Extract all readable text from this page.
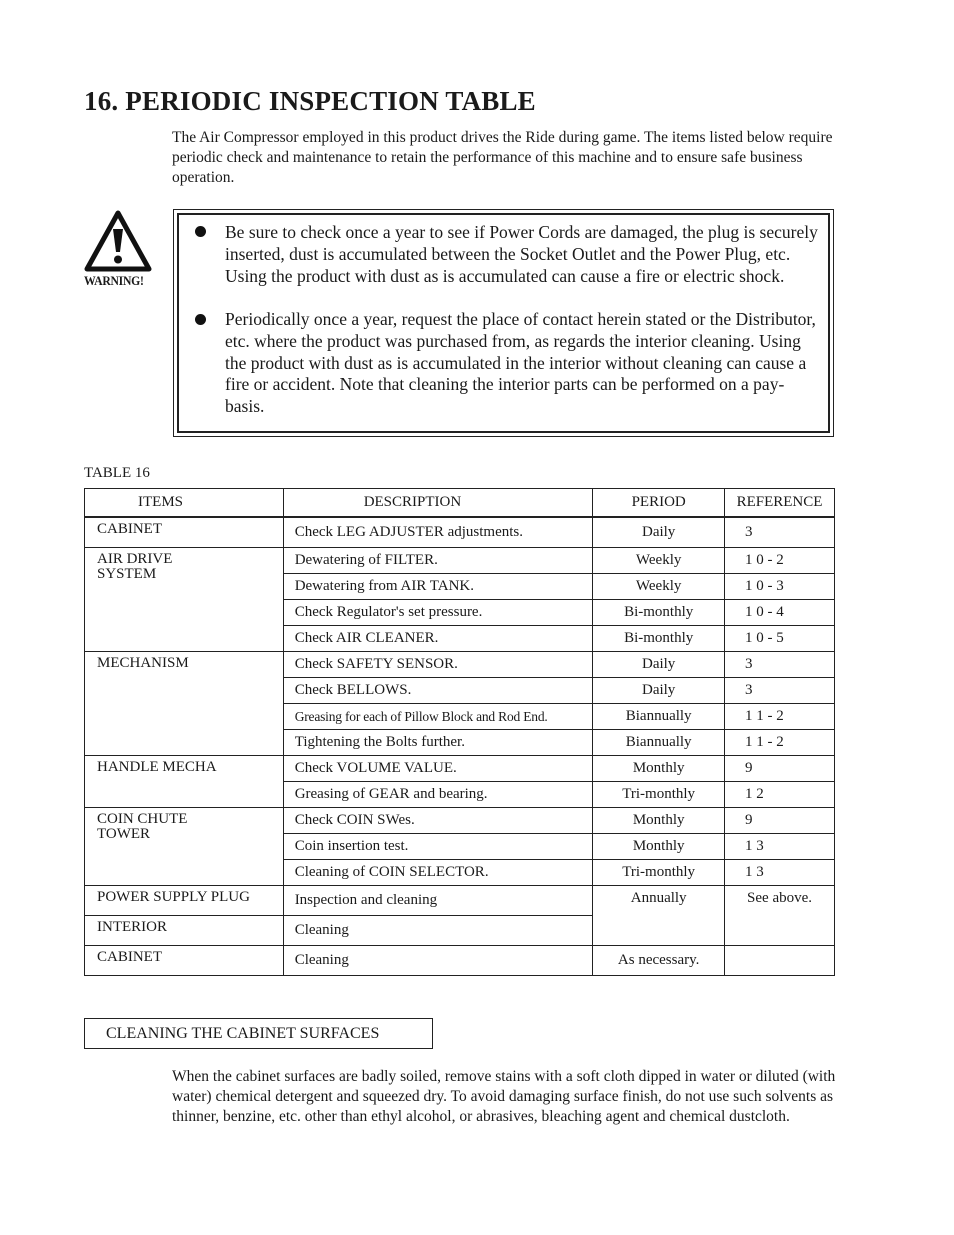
16. PERIODIC INSPECTION TABLE
The Air Compressor employed in this product drives the Ride during game. The items listed below require periodic check and maintenance to retain the performance of this machine and to ensure safe business operation.
WARNING!
Be sure to check once a year to see if Power Cords are damaged, the plug is securely inserted, dust is accumulated between the Socket Outlet and the Power Plug, etc. Using the product with dust as is accumulated can cause a fire or electric shock.
Periodically once a year, request the place of contact herein stated or the Distributor, etc. where the product was purchased from, as regards the interior cleaning. Using the product with dust as is accumulated in the interior without cleaning can cause a fire or accident. Note that cleaning the interior parts can be performed on a pay-basis.
TABLE 16
ITEMS	DESCRIPTION	PERIOD	REFERENCE
CABINET	Check LEG ADJUSTER adjustments.	Daily	3
AIR DRIVE
SYSTEM	Dewatering of FILTER.	Weekly	1 0 - 2
	Dewatering from AIR TANK.	Weekly	1 0 - 3
	Check Regulator's set pressure.	Bi-monthly	1 0 - 4
	Check AIR CLEANER.	Bi-monthly	1 0 - 5
MECHANISM	Check SAFETY SENSOR.	Daily	3
	Check BELLOWS.	Daily	3
	Greasing for each of Pillow Block and Rod End.	Biannually	1 1 - 2
	Tightening the Bolts further.	Biannually	1 1 - 2
HANDLE MECHA	Check VOLUME VALUE.	Monthly	9
	Greasing of GEAR and bearing.	Tri-monthly	1 2
COIN CHUTE
TOWER	Check COIN SWes.	Monthly	9
	Coin insertion test.	Monthly	1 3
	Cleaning of COIN SELECTOR.	Tri-monthly	1 3
POWER SUPPLY PLUG	Inspection and cleaning	Annually	See above.
INTERIOR	Cleaning		
CABINET	Cleaning	As necessary.	
CLEANING THE CABINET SURFACES
When the cabinet surfaces are badly soiled, remove stains with a soft cloth dipped in water or diluted (with water) chemical detergent and squeezed dry. To avoid damaging surface finish, do not use such solvents as thinner, benzine, etc. other than ethyl alcohol, or abrasives, bleaching agent and chemical dustcloth.
